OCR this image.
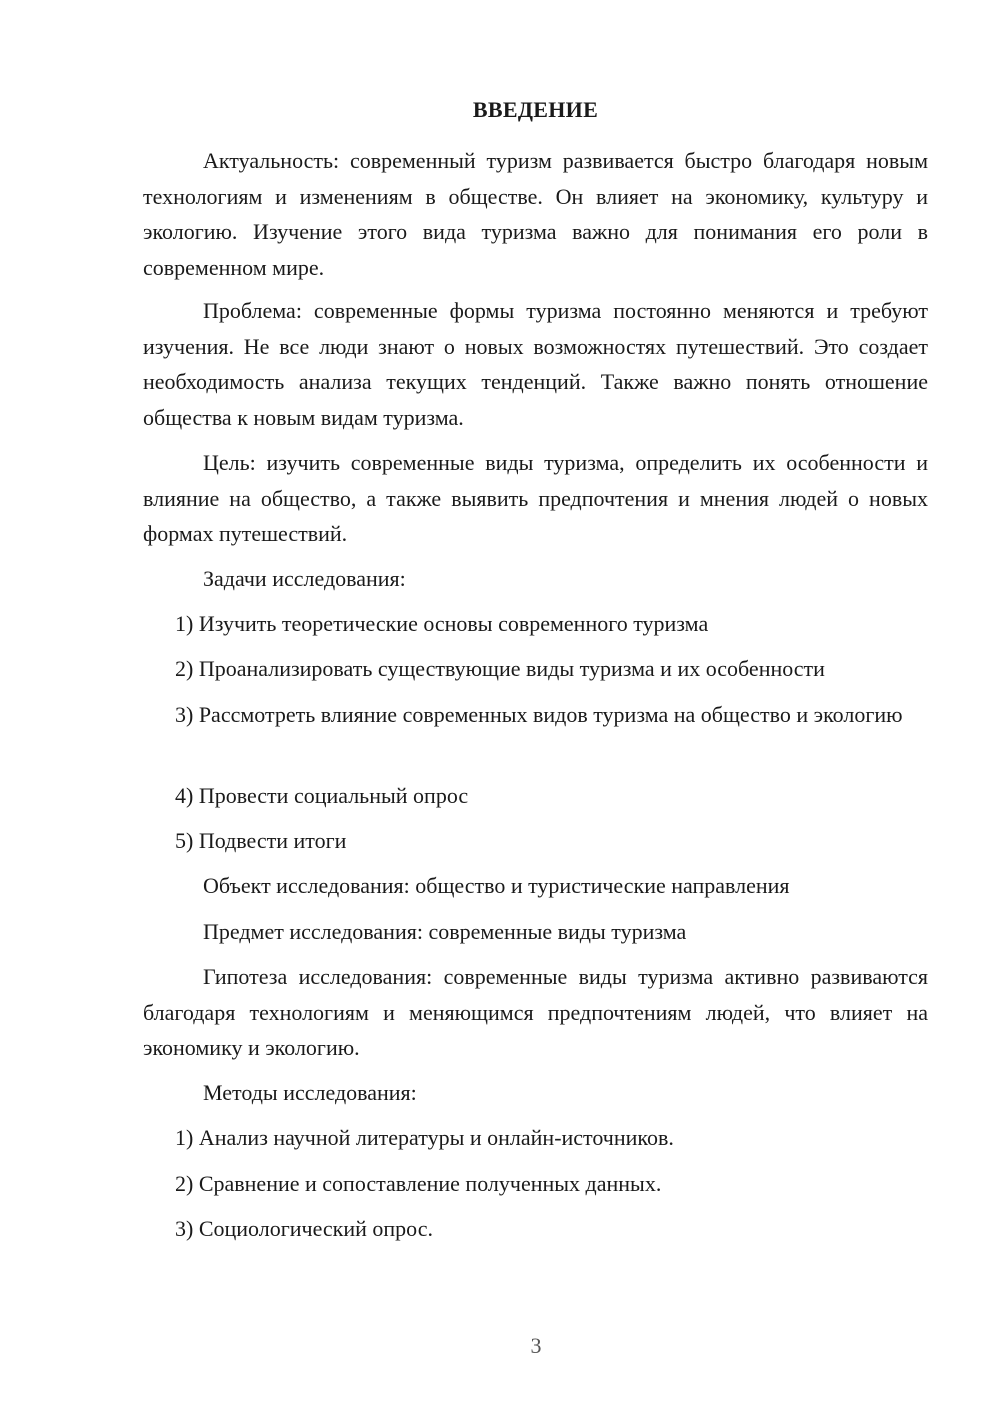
ВВЕДЕНИЕ

Актуальность: современный туризм развивается быстро благодаря новым технологиям и изменениям в обществе. Он влияет на экономику, культуру и экологию. Изучение этого вида туризма важно для понимания его роли в современном мире.

Проблема: современные формы туризма постоянно меняются и требуют изучения. Не все люди знают о новых возможностях путешествий. Это создает необходимость анализа текущих тенденций. Также важно понять отношение общества к новым видам туризма.

Цель: изучить современные виды туризма, определить их особенности и влияние на общество, а также выявить предпочтения и мнения людей о новых формах путешествий.

Задачи исследования:

1) Изучить теоретические основы современного туризма

2) Проанализировать существующие виды туризма и их особенности

3) Рассмотреть влияние современных видов туризма на общество и экологию

4) Провести социальный опрос

5) Подвести итоги

Объект исследования: общество и туристические направления

Предмет исследования: современные виды туризма

Гипотеза исследования: современные виды туризма активно развиваются благодаря технологиям и меняющимся предпочтениям людей, что влияет на экономику и экологию.

Методы исследования:

1) Анализ научной литературы и онлайн-источников.

2) Сравнение и сопоставление полученных данных.

3) Социологический опрос.

3
